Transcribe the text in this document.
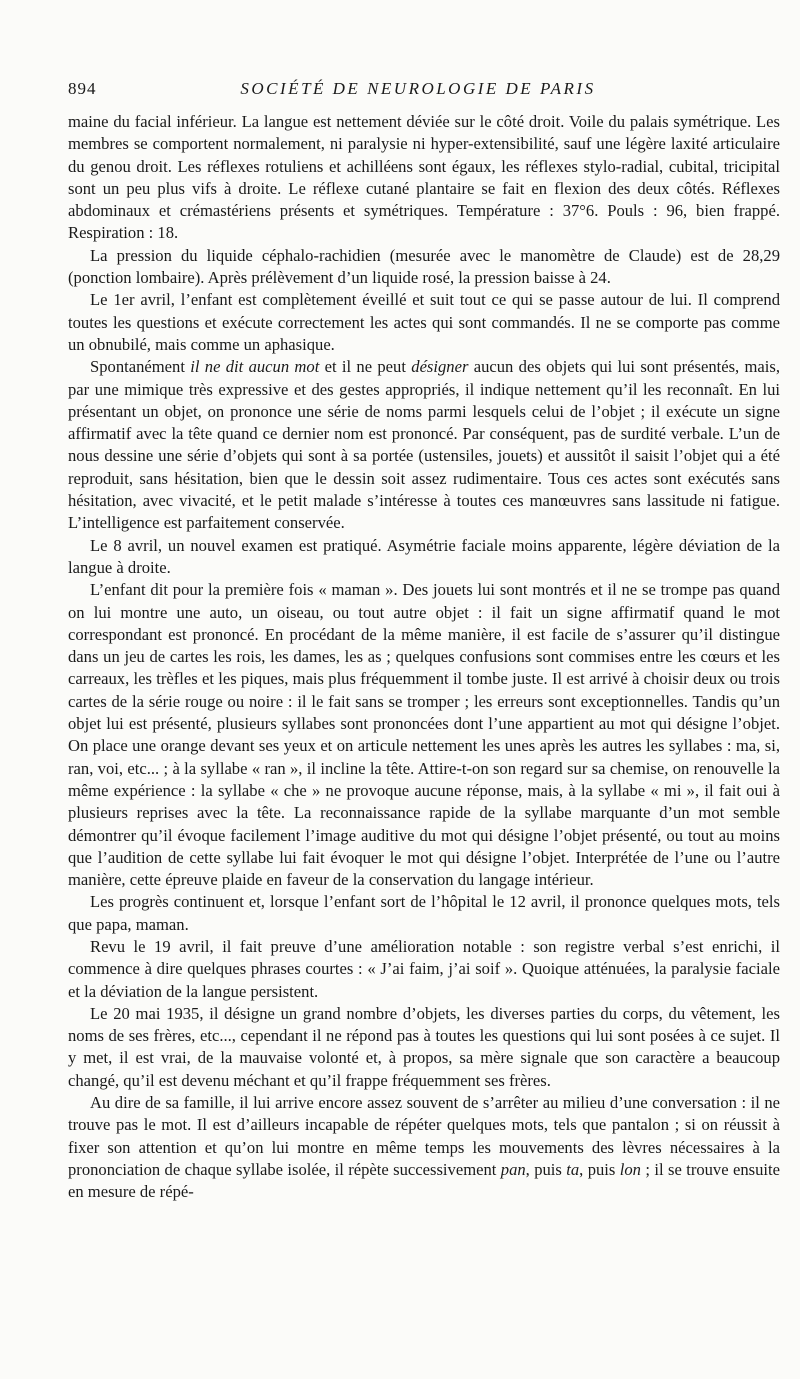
894	SOCIÉTÉ DE NEUROLOGIE DE PARIS

maine du facial inférieur. La langue est nettement déviée sur le côté droit. Voile du palais symétrique. Les membres se comportent normalement, ni paralysie ni hyper-extensibilité, sauf une légère laxité articulaire du genou droit. Les réflexes rotuliens et achilléens sont égaux, les réflexes stylo-radial, cubital, tricipital sont un peu plus vifs à droite. Le réflexe cutané plantaire se fait en flexion des deux côtés. Réflexes abdominaux et crémastériens présents et symétriques. Température : 37°6. Pouls : 96, bien frappé. Respiration : 18.

La pression du liquide céphalo-rachidien (mesurée avec le manomètre de Claude) est de 28,29 (ponction lombaire). Après prélèvement d’un liquide rosé, la pression baisse à 24.

Le 1er avril, l’enfant est complètement éveillé et suit tout ce qui se passe autour de lui. Il comprend toutes les questions et exécute correctement les actes qui sont commandés. Il ne se comporte pas comme un obnubilé, mais comme un aphasique.

Spontanément il ne dit aucun mot et il ne peut désigner aucun des objets qui lui sont présentés, mais, par une mimique très expressive et des gestes appropriés, il indique nettement qu’il les reconnaît. En lui présentant un objet, on prononce une série de noms parmi lesquels celui de l’objet ; il exécute un signe affirmatif avec la tête quand ce dernier nom est prononcé. Par conséquent, pas de surdité verbale. L’un de nous dessine une série d’objets qui sont à sa portée (ustensiles, jouets) et aussitôt il saisit l’objet qui a été reproduit, sans hésitation, bien que le dessin soit assez rudimentaire. Tous ces actes sont exécutés sans hésitation, avec vivacité, et le petit malade s’intéresse à toutes ces manœuvres sans lassitude ni fatigue. L’intelligence est parfaitement conservée.

Le 8 avril, un nouvel examen est pratiqué. Asymétrie faciale moins apparente, légère déviation de la langue à droite.

L’enfant dit pour la première fois « maman ». Des jouets lui sont montrés et il ne se trompe pas quand on lui montre une auto, un oiseau, ou tout autre objet : il fait un signe affirmatif quand le mot correspondant est prononcé. En procédant de la même manière, il est facile de s’assurer qu’il distingue dans un jeu de cartes les rois, les dames, les as ; quelques confusions sont commises entre les cœurs et les carreaux, les trèfles et les piques, mais plus fréquemment il tombe juste. Il est arrivé à choisir deux ou trois cartes de la série rouge ou noire : il le fait sans se tromper ; les erreurs sont exceptionnelles. Tandis qu’un objet lui est présenté, plusieurs syllabes sont prononcées dont l’une appartient au mot qui désigne l’objet. On place une orange devant ses yeux et on articule nettement les unes après les autres les syllabes : ma, si, ran, voi, etc... ; à la syllabe « ran », il incline la tête. Attire-t-on son regard sur sa chemise, on renouvelle la même expérience : la syllabe « che » ne provoque aucune réponse, mais, à la syllabe « mi », il fait oui à plusieurs reprises avec la tête. La reconnaissance rapide de la syllabe marquante d’un mot semble démontrer qu’il évoque facilement l’image auditive du mot qui désigne l’objet présenté, ou tout au moins que l’audition de cette syllabe lui fait évoquer le mot qui désigne l’objet. Interprétée de l’une ou l’autre manière, cette épreuve plaide en faveur de la conservation du langage intérieur.

Les progrès continuent et, lorsque l’enfant sort de l’hôpital le 12 avril, il prononce quelques mots, tels que papa, maman.

Revu le 19 avril, il fait preuve d’une amélioration notable : son registre verbal s’est enrichi, il commence à dire quelques phrases courtes : « J’ai faim, j’ai soif ». Quoique atténuées, la paralysie faciale et la déviation de la langue persistent.

Le 20 mai 1935, il désigne un grand nombre d’objets, les diverses parties du corps, du vêtement, les noms de ses frères, etc..., cependant il ne répond pas à toutes les questions qui lui sont posées à ce sujet. Il y met, il est vrai, de la mauvaise volonté et, à propos, sa mère signale que son caractère a beaucoup changé, qu’il est devenu méchant et qu’il frappe fréquemment ses frères.

Au dire de sa famille, il lui arrive encore assez souvent de s’arrêter au milieu d’une conversation : il ne trouve pas le mot. Il est d’ailleurs incapable de répéter quelques mots, tels que pantalon ; si on réussit à fixer son attention et qu’on lui montre en même temps les mouvements des lèvres nécessaires à la prononciation de chaque syllabe isolée, il répète successivement pan, puis ta, puis lon ; il se trouve ensuite en mesure de répé-
